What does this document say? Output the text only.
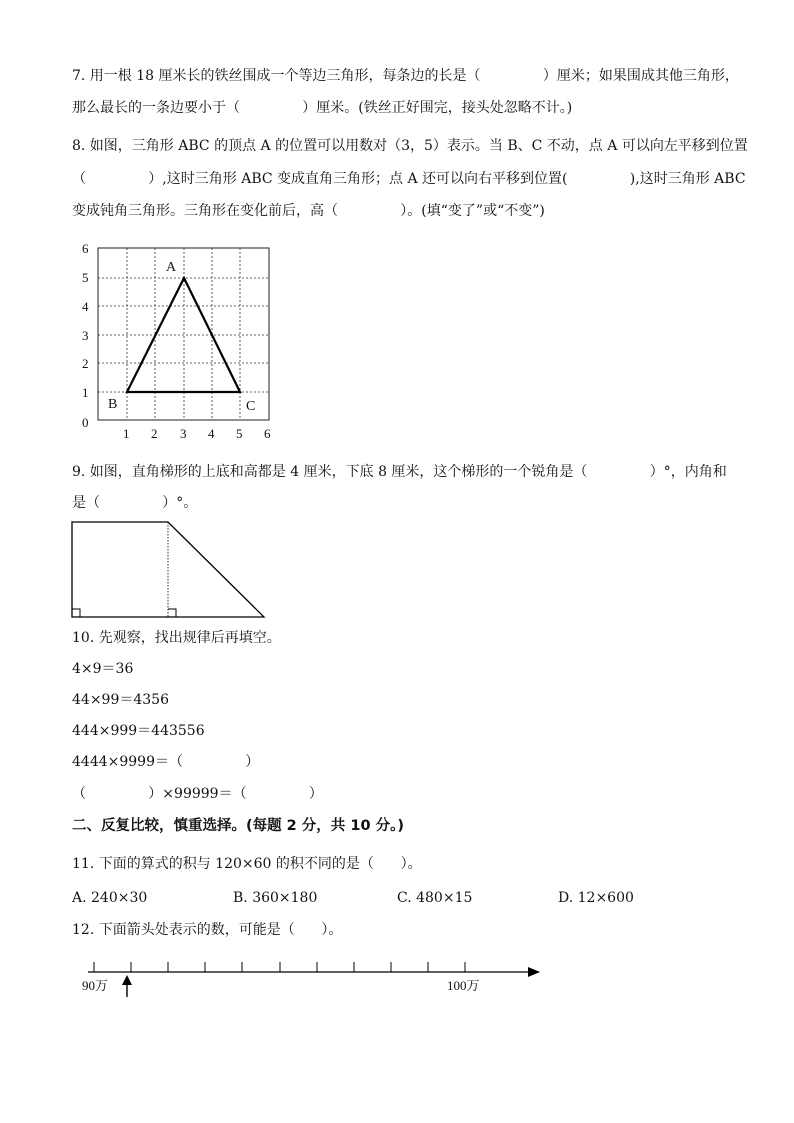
7. 用一根 18 厘米长的铁丝围成一个等边三角形，每条边的长是（              ）厘米；如果围成其他三角形，
那么最长的一条边要小于（              ）厘米。(铁丝正好围完，接头处忽略不计。)
8. 如图，三角形 ABC 的顶点 A 的位置可以用数对（3，5）表示。当 B、C 不动，点 A 可以向左平移到位置
（              ）,这时三角形 ABC 变成直角三角形；点 A 还可以向右平移到位置(              ),这时三角形 ABC
变成钝角三角形。三角形在变化前后，高（              ）。(填“变了”或“不变”)
6
5
4
3
2
1
0
1 2 3 4 5 6
A
B	C
9. 如图，直角梯形的上底和高都是 4 厘米，下底 8 厘米，这个梯形的一个锐角是（              ）°，内角和
是（              ）°。
10. 先观察，找出规律后再填空。
4×9＝36
44×99＝4356
444×999＝443556
4444×9999＝（              ）
（              ）×99999＝（              ）
二、反复比较，慎重选择。(每题 2 分，共 10 分。)
11. 下面的算式的积与 120×60 的积不同的是（      ）。
A. 240×30	B. 360×180	C. 480×15	D. 12×600
12. 下面箭头处表示的数，可能是（      ）。
90万	100万
